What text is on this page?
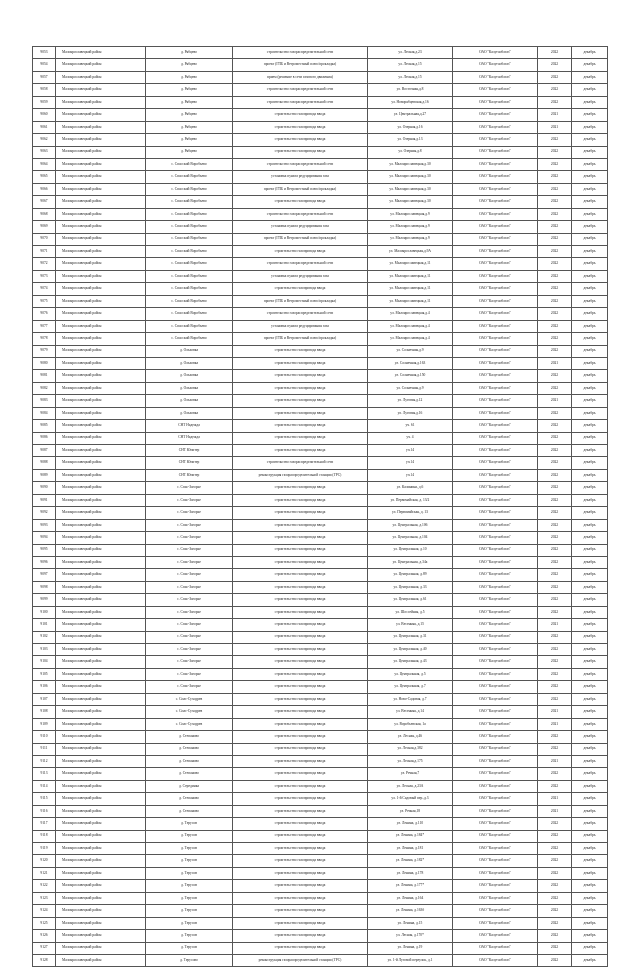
9053	Малоярославецкий район	д. Рябцево	строительство газораспределительной сети	ул. Лесная,д.23	ОАО "Калугаоблгаз"	2022	декабрь
9054	Малоярославецкий район	д. Рябцево	проект (ГПБ и Ветроместный плюс/прокладка)	ул. Лесная,д.15	ОАО "Калугаоблгаз"	2022	декабрь
9057	Малоярославецкий район	д. Рябцево	прием (решение в сети газового движения)	ул. Лесная,д.15	ОАО "Калугаоблгаз"	2022	декабрь
9058	Малоярославецкий район	д. Рябцево	строительство газораспределительной сети	ул. Восточная,д.8	ОАО "Калугаоблгаз"	2022	декабрь
9059	Малоярославецкий район	д. Рябцево	строительство газораспределительной сети	ул. Новорябцевская,д.16	ОАО "Калугаоблгаз"	2022	декабрь
9060	Малоярославецкий район	д. Рябцево	строительство газопровода ввода	ул. Центральная,д.27	ОАО "Калугаоблгаз"	2021	декабрь
9061	Малоярославецкий район	д. Рябцево	строительство газопровода ввода	ул. Озерная,д.16	ОАО "Калугаоблгаз"	2021	декабрь
9062	Малоярославецкий район	д. Рябцево	строительство газопровода ввода	ул. Озерная,д.13	ОАО "Калугаоблгаз"	2022	декабрь
9063	Малоярославецкий район	д. Рябцево	строительство газопровода ввода	ул. Озерная,д.8	ОАО "Калугаоблгаз"	2022	декабрь
9064	Малоярославецкий район	с. Спасский Воробьево	строительство газораспределительной сети	ул. Малоярославецкая,д.30	ОАО "Калугаоблгаз"	2022	декабрь
9065	Малоярославецкий район	с. Спасский Воробьево	установка пункта редуцирования газа	ул. Малоярославецкая,д.30	ОАО "Калугаоблгаз"	2022	декабрь
9066	Малоярославецкий район	с. Спасский Воробьево	проект (ГПБ и Ветроместный плюс/прокладка)	ул. Малоярославецкая,д.30	ОАО "Калугаоблгаз"	2022	декабрь
9067	Малоярославецкий район	с. Спасский Воробьево	строительство газопровода ввода	ул. Малоярославецкая,д.30	ОАО "Калугаоблгаз"	2022	декабрь
9068	Малоярославецкий район	с. Спасский Воробьево	строительство газораспределительной сети	ул. Малоярославецкая,д.9	ОАО "Калугаоблгаз"	2022	декабрь
9069	Малоярославецкий район	с. Спасский Воробьево	установка пункта редуцирования газа	ул. Малоярославецкая,д.9	ОАО "Калугаоблгаз"	2022	декабрь
9070	Малоярославецкий район	с. Спасский Воробьево	проект (ГПБ и Ветроместный плюс/прокладка)	ул. Малоярославецкая,д.9	ОАО "Калугаоблгаз"	2022	декабрь
9071	Малоярославецкий район	с. Спасский Воробьево	строительство газопровода ввода	ул. Малоярославецкая,д.9А	ОАО "Калугаоблгаз"	2022	декабрь
9072	Малоярославецкий район	с. Спасский Воробьево	строительство газораспределительной сети	ул. Малоярославецкая,д.11	ОАО "Калугаоблгаз"	2022	декабрь
9073	Малоярославецкий район	с. Спасский Воробьево	установка пункта редуцирования газа	ул. Малоярославецкая,д.11	ОАО "Калугаоблгаз"	2022	декабрь
9074	Малоярославецкий район	с. Спасский Воробьево	строительство газопровода ввода	ул. Малоярославецкая,д.11	ОАО "Калугаоблгаз"	2022	декабрь
9075	Малоярославецкий район	с. Спасский Воробьево	проект (ГПБ и Ветроместный плюс/прокладка)	ул. Малоярославецкая,д.11	ОАО "Калугаоблгаз"	2022	декабрь
9076	Малоярославецкий район	с. Спасский Воробьево	строительство газораспределительной сети	ул. Малоярославецкая,д.4	ОАО "Калугаоблгаз"	2022	декабрь
9077	Малоярославецкий район	с. Спасский Воробьево	установка пункта редуцирования газа	ул. Малоярославецкая,д.4	ОАО "Калугаоблгаз"	2022	декабрь
9078	Малоярославецкий район	с. Спасский Воробьево	проект (ГПБ и Ветроместный плюс/прокладка)	ул. Малоярославецкая,д.4	ОАО "Калугаоблгаз"	2022	декабрь
9079	Малоярославецкий район	д. Ольховка	строительство газопровода ввода	ул. Солнечная,д.9	ОАО "Калугаоблгаз"	2022	декабрь
9080	Малоярославецкий район	д. Ольховка	строительство газопровода ввода	ул. Солнечная,д.163	ОАО "Калугаоблгаз"	2021	декабрь
9081	Малоярославецкий район	д. Ольховка	строительство газопровода ввода	ул. Солнечная,д.150	ОАО "Калугаоблгаз"	2022	декабрь
9082	Малоярославецкий район	д. Ольховка	строительство газопровода ввода	ул. Солнечная,д.9	ОАО "Калугаоблгаз"	2022	декабрь
9083	Малоярославецкий район	д. Ольховка	строительство газопровода ввода	ул. Луговая,д.12	ОАО "Калугаоблгаз"	2021	декабрь
9084	Малоярославецкий район	д. Ольховка	строительство газопровода ввода	ул. Луговая,д.16	ОАО "Калугаоблгаз"	2022	декабрь
9085	Малоярославецкий район	СНТ Надежда	строительство газопровода ввода	уч. 61	ОАО "Калугаоблгаз"	2022	декабрь
9086	Малоярославецкий район	СНТ Надежда	строительство газопровода ввода	уч. 4	ОАО "Калугаоблгаз"	2022	декабрь
9087	Малоярославецкий район	СНТ Юпитер	строительство газопровода ввода	уч.14	ОАО "Калугаоблгаз"	2022	декабрь
9088	Малоярославецкий район	СНТ Юпитер	строительство газораспределительной сети	уч.14	ОАО "Калугаоблгаз"	2022	декабрь
9089	Малоярославецкий район	СНТ Юпитер	реконструкция газораспределительной станции (ГРС)	уч.14	ОАО "Калугаоблгаз"	2022	декабрь
9090	Малоярославецкий район	с. Спас-Загорье	строительство газопровода ввода	ул. Калинина, д.6	ОАО "Калугаоблгаз"	2022	декабрь
9091	Малоярославецкий район	с. Спас-Загорье	строительство газопровода ввода	ул. Первомайская, д. 13/2	ОАО "Калугаоблгаз"	2022	декабрь
9092	Малоярославецкий район	с. Спас-Загорье	строительство газопровода ввода	ул. Первомайская, д. 13	ОАО "Калугаоблгаз"	2022	декабрь
9093	Малоярославецкий район	с. Спас-Загорье	строительство газопровода ввода	ул. Центральная, д.106	ОАО "Калугаоблгаз"	2022	декабрь
9094	Малоярославецкий район	с. Спас-Загорье	строительство газопровода ввода	ул. Центральная, д.104	ОАО "Калугаоблгаз"	2022	декабрь
9095	Малоярославецкий район	с. Спас-Загорье	строительство газопровода ввода	ул. Центральная, д.10	ОАО "Калугаоблгаз"	2022	декабрь
9096	Малоярославецкий район	с. Спас-Загорье	строительство газопровода ввода	ул. Центральная, д.34а	ОАО "Калугаоблгаз"	2022	декабрь
9097	Малоярославецкий район	с. Спас-Загорье	строительство газопровода ввода	ул. Центральная, д.89	ОАО "Калугаоблгаз"	2022	декабрь
9098	Малоярославецкий район	с. Спас-Загорье	строительство газопровода ввода	ул. Центральная, д.33	ОАО "Калугаоблгаз"	2022	декабрь
9099	Малоярославецкий район	с. Спас-Загорье	строительство газопровода ввода	ул. Центральная, д.61	ОАО "Калугаоблгаз"	2022	декабрь
9100	Малоярославецкий район	с. Спас-Загорье	строительство газопровода ввода	ул. Шоссейная, д.5	ОАО "Калугаоблгаз"	2022	декабрь
9101	Малоярославецкий район	с. Спас-Загорье	строительство газопровода ввода	ул. Весенняя, д.15	ОАО "Калугаоблгаз"	2021	декабрь
9102	Малоярославецкий район	с. Спас-Загорье	строительство газопровода ввода	ул. Центральная, д.31	ОАО "Калугаоблгаз"	2022	декабрь
9103	Малоярославецкий район	с. Спас-Загорье	строительство газопровода ввода	ул. Центральная, д.40	ОАО "Калугаоблгаз"	2022	декабрь
9104	Малоярославецкий район	с. Спас-Загорье	строительство газопровода ввода	ул. Центральная, д.43	ОАО "Калугаоблгаз"	2022	декабрь
9105	Малоярославецкий район	с. Спас-Загорье	строительство газопровода ввода	ул. Центральная, д.5	ОАО "Калугаоблгаз"	2022	декабрь
9106	Малоярославецкий район	с. Спас-Загорье	строительство газопровода ввода	ул. Центральная, д.7	ОАО "Калугаоблгаз"	2022	декабрь
9107	Малоярославецкий район	с. Спас-Суходрев	строительство газопровода ввода	ул. Ново-Садовая, д.7	ОАО "Калугаоблгаз"	2022	декабрь
9108	Малоярославецкий район	с. Спас-Суходрев	строительство газопровода ввода	ул. Весенняя, д.14	ОАО "Калугаоблгаз"	2021	декабрь
9109	Малоярославецкий район	с. Спас-Суходрев	строительство газопровода ввода	ул. Воробьевская, 1а	ОАО "Калугаоблгаз"	2021	декабрь
9110	Малоярославецкий район	д. Степаново	строительство газопровода ввода	ул. Лесная, д.46	ОАО "Калугаоблгаз"	2022	декабрь
9111	Малоярославецкий район	д. Степаново	строительство газопровода ввода	ул. Лесная,д.382	ОАО "Калугаоблгаз"	2022	декабрь
9112	Малоярославецкий район	д. Степаново	строительство газопровода ввода	ул. Лесная,д.175	ОАО "Калугаоблгаз"	2021	декабрь
9113	Малоярославецкий район	д. Степаново	строительство газопровода ввода	ул. Речная,7	ОАО "Калугаоблгаз"	2022	декабрь
9114	Малоярославецкий район	д. Серединка	строительство газопровода ввода	ул. Лесная, д.23А	ОАО "Калугаоблгаз"	2022	декабрь
9115	Малоярославецкий район	д. Степаново	строительство газопровода ввода	ул. 1-й Садовый пер.,д.3	ОАО "Калугаоблгаз"	2021	декабрь
9116	Малоярославецкий район	д. Степаново	строительство газопровода ввода	ул. Речная,18	ОАО "Калугаоблгаз"	2021	декабрь
9117	Малоярославецкий район	д. Терусов	строительство газопровода ввода	ул. Ленина, д.110	ОАО "Калугаоблгаз"	2022	декабрь
9118	Малоярославецкий район	д. Терусов	строительство газопровода ввода	ул. Ленина, д.184*	ОАО "Калугаоблгаз"	2022	декабрь
9119	Малоярославецкий район	д. Терусов	строительство газопровода ввода	ул. Ленина, д.181	ОАО "Калугаоблгаз"	2022	декабрь
9120	Малоярославецкий район	д. Терусов	строительство газопровода ввода	ул. Ленина, д.182*	ОАО "Калугаоблгаз"	2022	декабрь
9121	Малоярославецкий район	д. Терусов	строительство газопровода ввода	ул. Ленина, д.178	ОАО "Калугаоблгаз"	2022	декабрь
9122	Малоярославецкий район	д. Терусов	строительство газопровода ввода	ул. Ленина, д.177*	ОАО "Калугаоблгаз"	2022	декабрь
9123	Малоярославецкий район	д. Терусов	строительство газопровода ввода	ул. Ленина, д.164	ОАО "Калугаоблгаз"	2022	декабрь
9124	Малоярославецкий район	д. Терусов	строительство газопровода ввода	ул. Ленина, д.163б	ОАО "Калугаоблгаз"	2022	декабрь
9125	Малоярославецкий район	д. Терусов	строительство газопровода ввода	ул. Ленина, д.15	ОАО "Калугаоблгаз"	2022	декабрь
9126	Малоярославецкий район	д. Терусов	строительство газопровода ввода	ул. Лесная, д.170*	ОАО "Калугаоблгаз"	2022	декабрь
9127	Малоярославецкий район	д. Терусов	строительство газопровода ввода	ул. Ленина, д.19	ОАО "Калугаоблгаз"	2022	декабрь
9128	Малоярославецкий район	д. Терусово	реконструкция газораспределительной станции (ГРС)	ул. 1-й Луговой переулок, д.1	ОАО "Калугаоблгаз"	2022	декабрь
